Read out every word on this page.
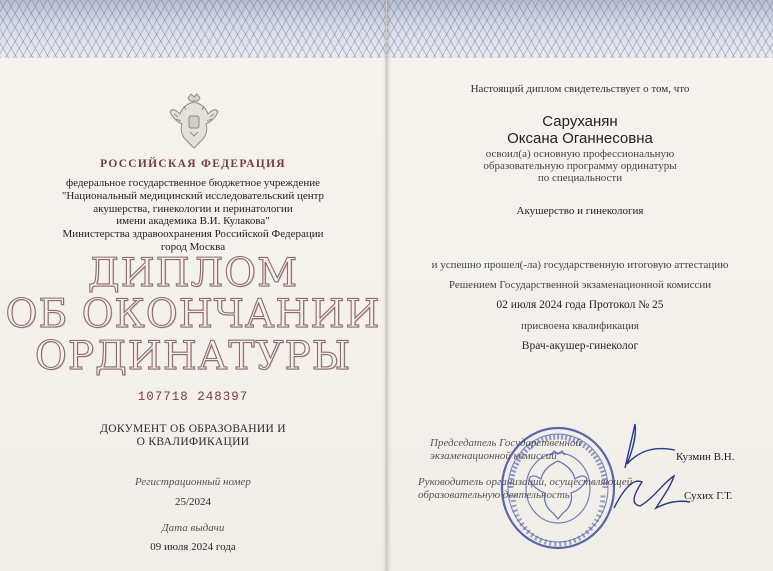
РОССИЙСКАЯ ФЕДЕРАЦИЯ
федеральное государственное бюджетное учреждение
"Национальный медицинский исследовательский центр
акушерства, гинекологии и перинатологии
имени академика В.И. Кулакова"
Министерства здравоохранения Российской Федерации
город Москва
ДИПЛОМ
ОБ ОКОНЧАНИИ
ОРДИНАТУРЫ
107718 248397
ДОКУМЕНТ ОБ ОБРАЗОВАНИИ И
О КВАЛИФИКАЦИИ
Регистрационный номер
25/2024
Дата выдачи
09 июля 2024 года
Настоящий диплом свидетельствует о том, что
Саруханян
Оксана Оганнесовна
освоил(а) основную профессиональную
образовательную программу ординатуры
по специальности
Акушерство и гинекология
и успешно прошел(-ла) государственную итоговую аттестацию
Решением Государственной экзаменационной комиссии
02 июля 2024 года Протокол № 25
присвоена квалификация
Врач-акушер-гинеколог
Председатель Государственной
экзаменационной комиссии
Руководитель организации, осуществляющей
образовательную деятельность
Кузмин В.Н.
Сухих Г.Т.
